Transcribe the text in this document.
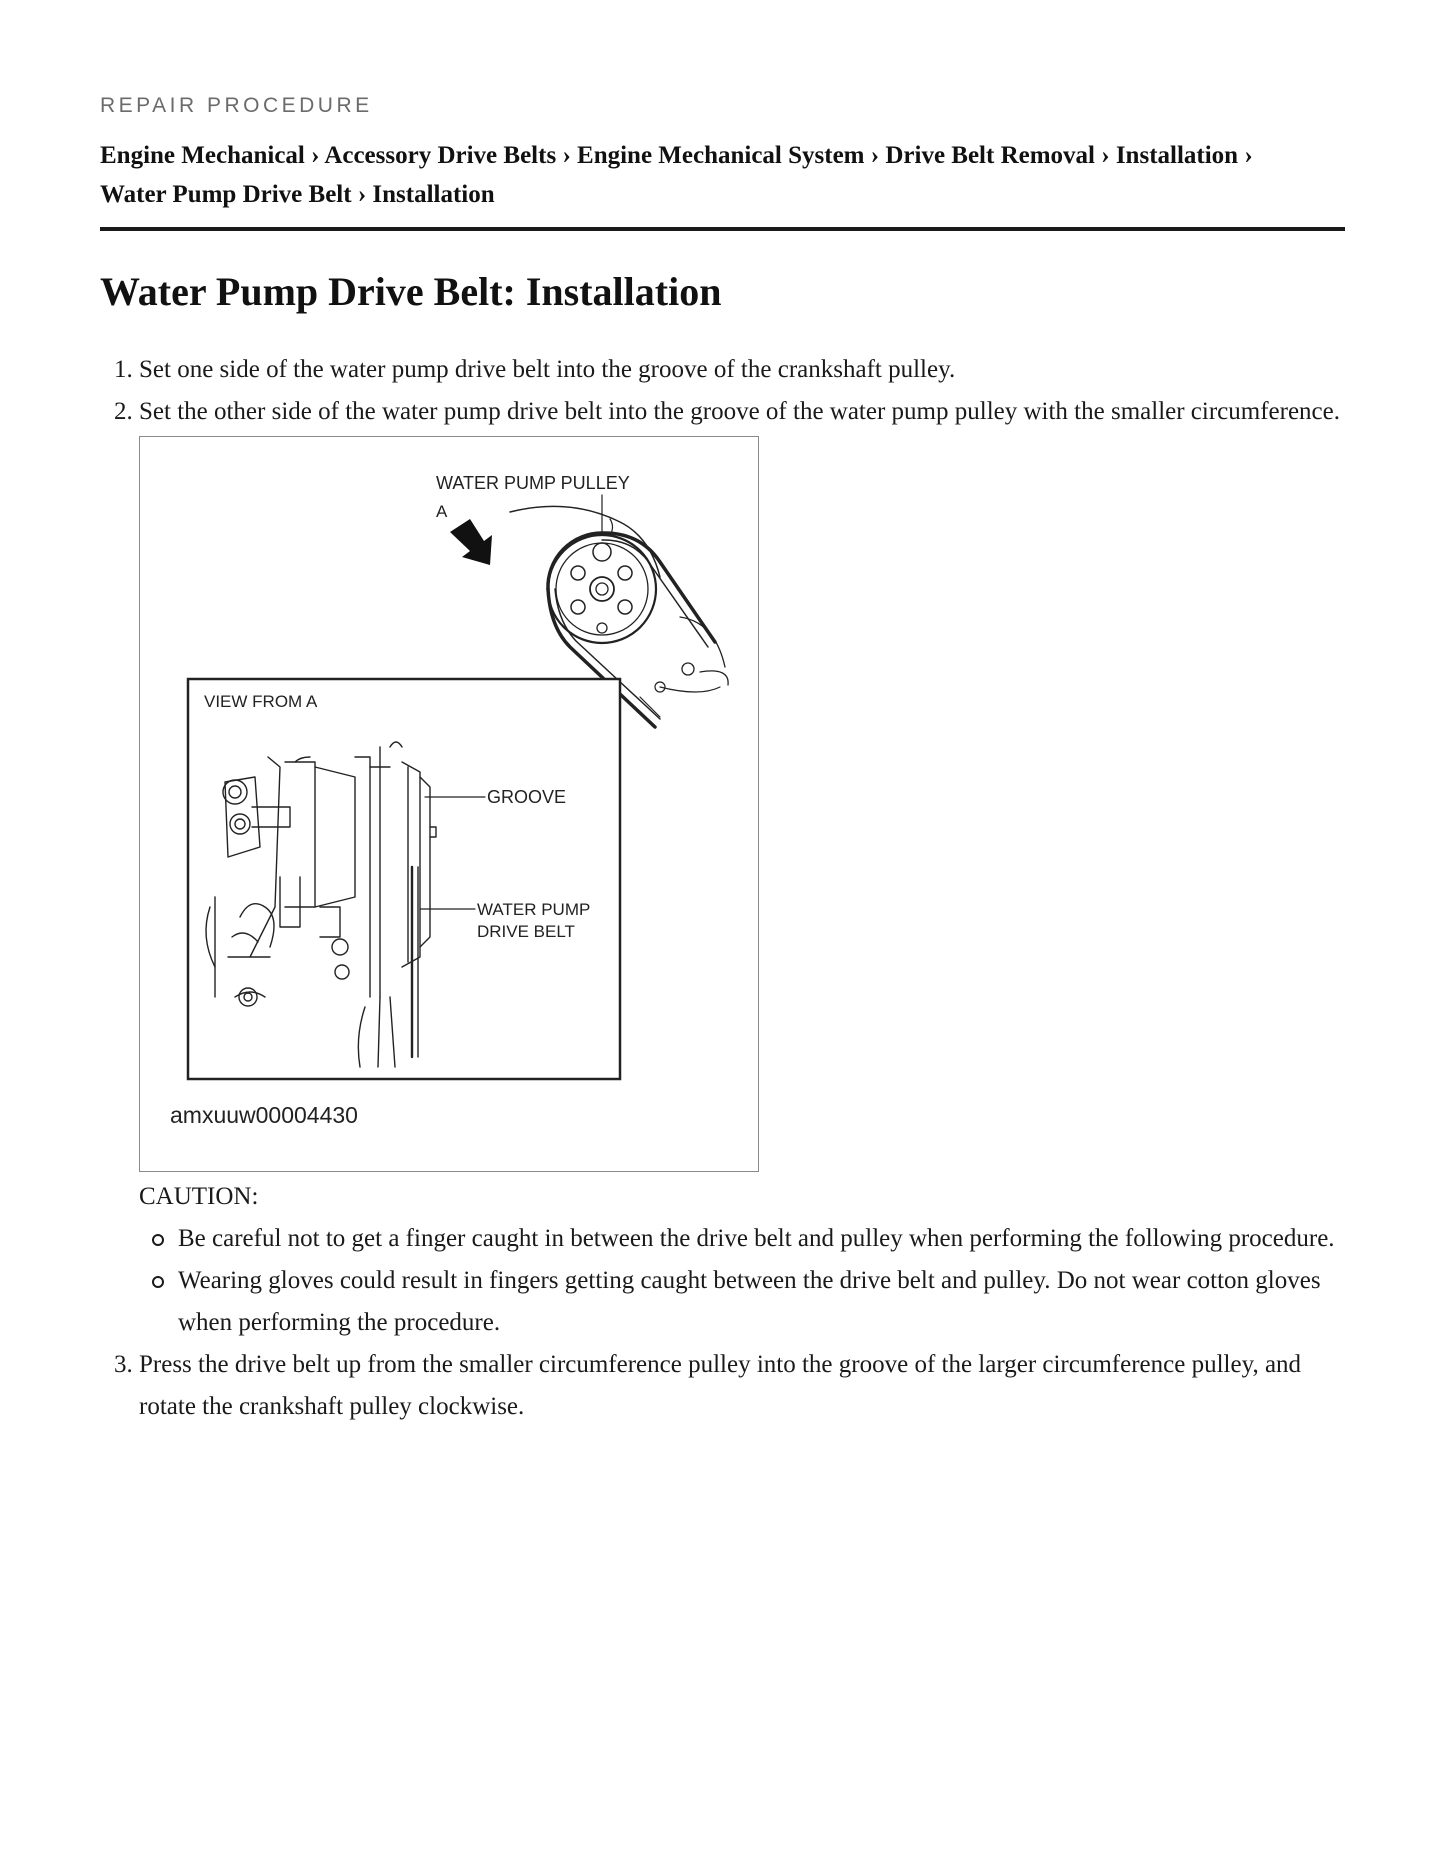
REPAIR PROCEDURE
Engine Mechanical › Accessory Drive Belts › Engine Mechanical System › Drive Belt Removal › Installation ›
Water Pump Drive Belt › Installation
Water Pump Drive Belt: Installation
1. Set one side of the water pump drive belt into the groove of the crankshaft pulley.
2. Set the other side of the water pump drive belt into the groove of the water pump pulley with the smaller circumference.
A
WATER PUMP PULLEY
VIEW FROM A
GROOVE
WATER PUMP
DRIVE BELT
amxuuw00004430
CAUTION:
Be careful not to get a finger caught in between the drive belt and pulley when performing the following procedure.
Wearing gloves could result in fingers getting caught between the drive belt and pulley. Do not wear cotton gloves when performing the procedure.
3. Press the drive belt up from the smaller circumference pulley into the groove of the larger circumference pulley, and rotate the crankshaft pulley clockwise.
